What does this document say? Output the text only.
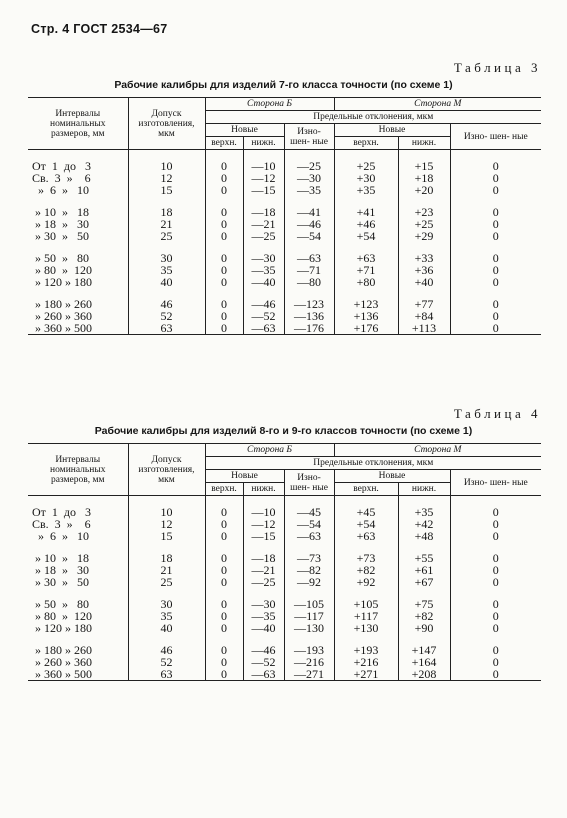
Стр. 4 ГОСТ 2534—67
Таблица 3
Рабочие калибры для изделий 7-го класса точности (по схеме 1)
Интервалы номинальных размеров, мм	Допуск изготовления, мкм	Сторона Б			Сторона М		
		Предельные отклонения, мкм					
		Новые		Изно- шен- ные	Новые		Изно- шен- ные
		верхн.	нижн.		верхн.	нижн.	

От  1  до   3	10	0	—10	—25	+25	+15	0
Св.  3  »    6	12	0	—12	—30	+30	+18	0
»  6  »   10	15	0	—15	—35	+35	+20	0

» 10  »   18	18	0	—18	—41	+41	+23	0
» 18  »   30	21	0	—21	—46	+46	+25	0
» 30  »   50	25	0	—25	—54	+54	+29	0

» 50  »   80	30	0	—30	—63	+63	+33	0
» 80  »  120	35	0	—35	—71	+71	+36	0
» 120 » 180	40	0	—40	—80	+80	+40	0

» 180 » 260	46	0	—46	—123	+123	+77	0
» 260 » 360	52	0	—52	—136	+136	+84	0
» 360 » 500	63	0	—63	—176	+176	+113	0
Таблица 4
Рабочие калибры для изделий 8-го и 9-го классов точности (по схеме 1)
Интервалы номинальных размеров, мм	Допуск изготовления, мкм	Сторона Б			Сторона М		
		Предельные отклонения, мкм					
		Новые		Изно- шен- ные	Новые		Изно- шен- ные
		верхн.	нижн.		верхн.	нижн.	

От  1  до   3	10	0	—10	—45	+45	+35	0
Св.  3  »    6	12	0	—12	—54	+54	+42	0
»  6  »   10	15	0	—15	—63	+63	+48	0

» 10  »   18	18	0	—18	—73	+73	+55	0
» 18  »   30	21	0	—21	—82	+82	+61	0
» 30  »   50	25	0	—25	—92	+92	+67	0

» 50  »   80	30	0	—30	—105	+105	+75	0
» 80  »  120	35	0	—35	—117	+117	+82	0
» 120 » 180	40	0	—40	—130	+130	+90	0

» 180 » 260	46	0	—46	—193	+193	+147	0
» 260 » 360	52	0	—52	—216	+216	+164	0
» 360 » 500	63	0	—63	—271	+271	+208	0
